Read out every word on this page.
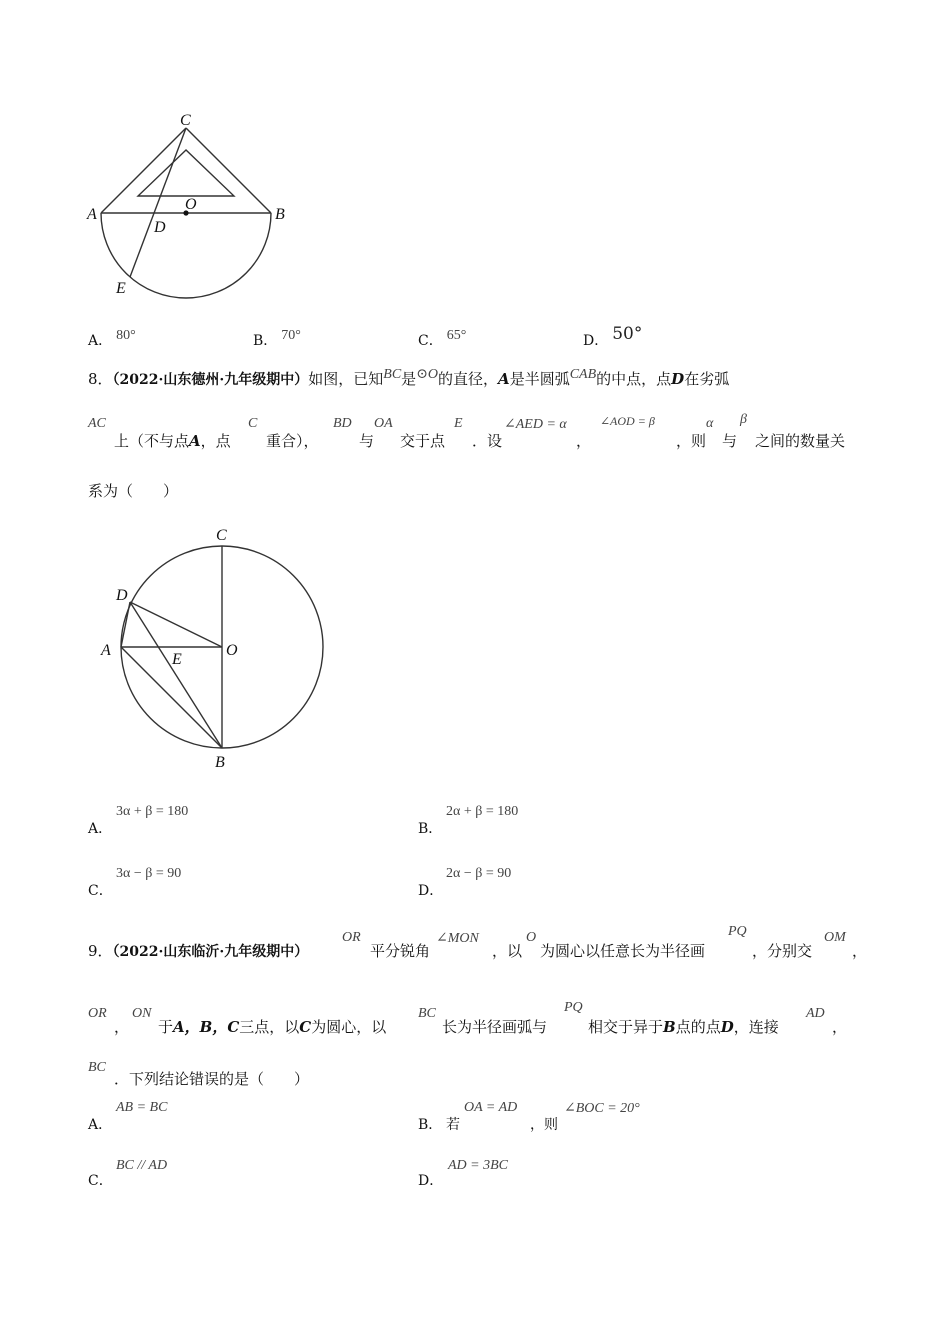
C
O
A	B
D
E
A． 80°	B． 70°	C． 65°	D． 50°
8．（2022·山东德州·九年级期中）如图，已知BC是⊙O的直径，A是半圆弧CAB的中点，点D在劣弧
AC
上（不与点A，点
C
重合），
BD
与
OA
交于点
E
．设
∠AED = α
，
∠AOD = β
，则
α
与
β
之间的数量关
系为（　　）
C
D
A
E
O
B
3α + β = 180
A．
2α + β = 180
B．
3α − β = 90
C．
2α − β = 90
D．
9．（2022·山东临沂·九年级期中）
OR
平分锐角
∠MON
，以
O
为圆心以任意长为半径画
PQ
，分别交
OM
，
OR
，
ON
于A，B，C三点，以C为圆心，以
BC
长为半径画弧与
PQ
相交于异于B点的点D，连接
AD
，
BC
．下列结论错误的是（　　）
AB = BC
A．	B． 若
OA = AD
，则
∠BOC = 20°
BC // AD
C．
AD = 3BC
D．
